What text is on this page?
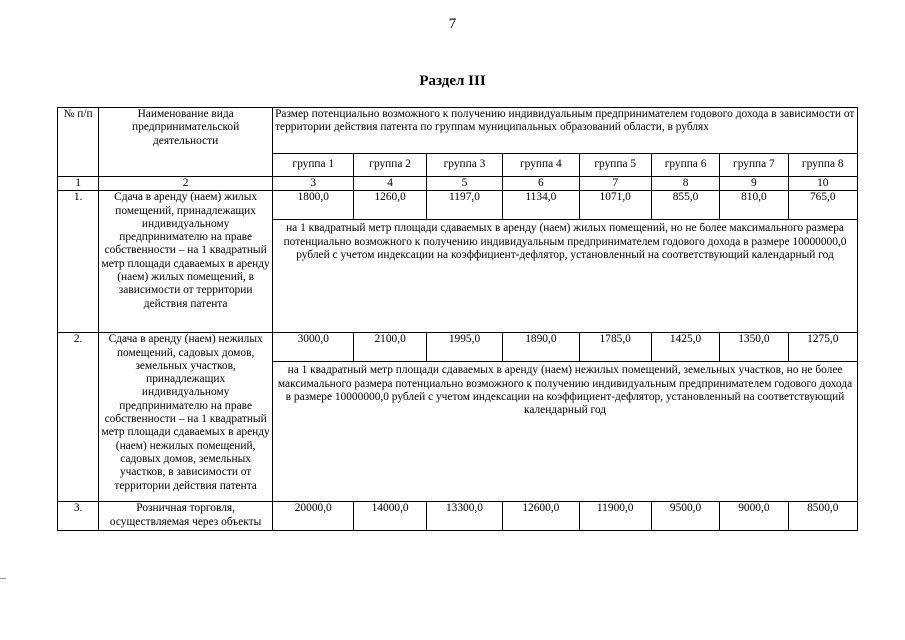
7
Раздел III
№ п/п	Наименование вида предпринимательской деятельности	Размер потенциально возможного к получению индивидуальным предпринимателем годового дохода в зависимости от территории действия патента по группам муниципальных образований области, в рублях							
		группа 1	группа 2	группа 3	группа 4	группа 5	группа 6	группа 7	группа 8
1	2	3	4	5	6	7	8	9	10
1.	Сдача в аренду (наем) жилых помещений, принадлежащих индивидуальному предпринимателю на праве собственности – на 1 квадратный метр площади сдаваемых в аренду (наем) жилых помещений, в зависимости от территории действия патента	1800,0	1260,0	1197,0	1134,0	1071,0	855,0	810,0	765,0
		на 1 квадратный метр площади сдаваемых в аренду (наем) жилых помещений, но не более максимального размера потенциально возможного к получению индивидуальным предпринимателем годового дохода в размере 10000000,0 рублей с учетом индексации на коэффициент-дефлятор, установленный на соответствующий календарный год							
2.	Сдача в аренду (наем) нежилых помещений, садовых домов, земельных участков, принадлежащих индивидуальному предпринимателю на праве собственности – на 1 квадратный метр площади сдаваемых в аренду (наем) нежилых помещений, садовых домов, земельных участков, в зависимости от территории действия патента	3000,0	2100,0	1995,0	1890,0	1785,0	1425,0	1350,0	1275,0
		на 1 квадратный метр площади сдаваемых в аренду (наем) нежилых помещений, земельных участков, но не более максимального размера потенциально возможного к получению индивидуальным предпринимателем годового дохода в размере 10000000,0 рублей с учетом индексации на коэффициент-дефлятор, установленный на соответствующий календарный год							
3.	Розничная торговля, осуществляемая через объекты	20000,0	14000,0	13300,0	12600,0	11900,0	9500,0	9000,0	8500,0
